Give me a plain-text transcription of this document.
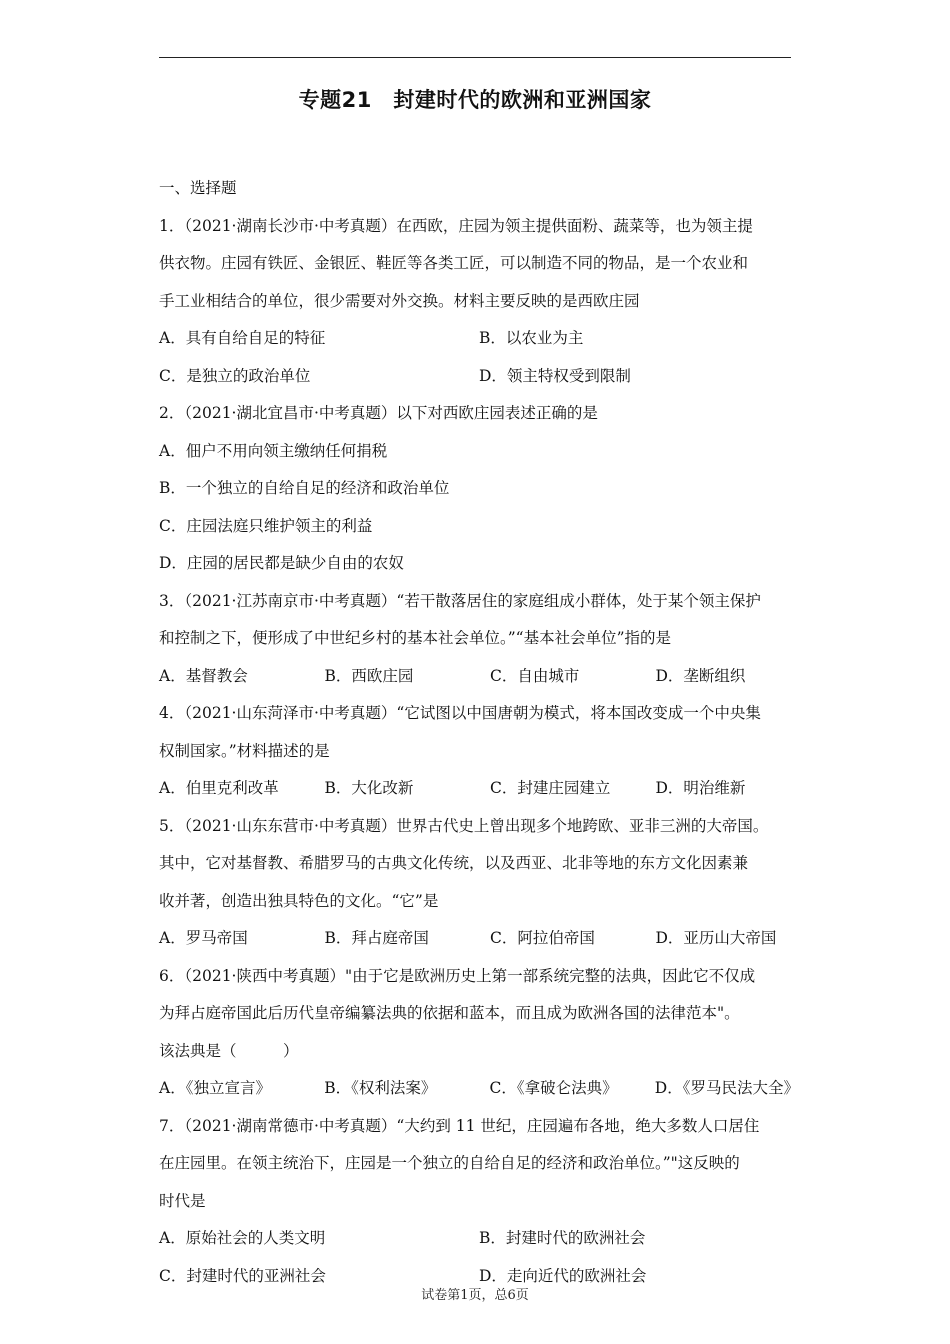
专题21　封建时代的欧洲和亚洲国家
一、选择题
1．（2021·湖南长沙市·中考真题）在西欧，庄园为领主提供面粉、蔬菜等，也为领主提
供衣物。庄园有铁匠、金银匠、鞋匠等各类工匠，可以制造不同的物品，是一个农业和
手工业相结合的单位，很少需要对外交换。材料主要反映的是西欧庄园
A．具有自给自足的特征	B．以农业为主
C．是独立的政治单位	D．领主特权受到限制
2．（2021·湖北宜昌市·中考真题）以下对西欧庄园表述正确的是
A．佃户不用向领主缴纳任何捐税
B．一个独立的自给自足的经济和政治单位
C．庄园法庭只维护领主的利益
D．庄园的居民都是缺少自由的农奴
3．（2021·江苏南京市·中考真题）“若干散落居住的家庭组成小群体，处于某个领主保护
和控制之下，便形成了中世纪乡村的基本社会单位。”“基本社会单位”指的是
A．基督教会	B．西欧庄园	C．自由城市	D．垄断组织
4．（2021·山东菏泽市·中考真题）“它试图以中国唐朝为模式，将本国改变成一个中央集
权制国家。”材料描述的是
A．伯里克利改革	B．大化改新	C．封建庄园建立	D．明治维新
5．（2021·山东东营市·中考真题）世界古代史上曾出现多个地跨欧、亚非三洲的大帝国。
其中，它对基督教、希腊罗马的古典文化传统，以及西亚、北非等地的东方文化因素兼
收并著，创造出独具特色的文化。“它”是
A．罗马帝国	B．拜占庭帝国	C．阿拉伯帝国	D．亚历山大帝国
6．（2021·陕西中考真题）"由于它是欧洲历史上第一部系统完整的法典，因此它不仅成
为拜占庭帝国此后历代皇帝编纂法典的依据和蓝本，而且成为欧洲各国的法律范本"。
该法典是（　　　）
A．《独立宣言》	B．《权利法案》	C．《拿破仑法典》	D．《罗马民法大全》
7．（2021·湖南常德市·中考真题）“大约到 11 世纪，庄园遍布各地，绝大多数人口居住
在庄园里。在领主统治下，庄园是一个独立的自给自足的经济和政治单位。”"这反映的
时代是
A．原始社会的人类文明	B．封建时代的欧洲社会
C．封建时代的亚洲社会	D．走向近代的欧洲社会
试卷第1页，总6页
